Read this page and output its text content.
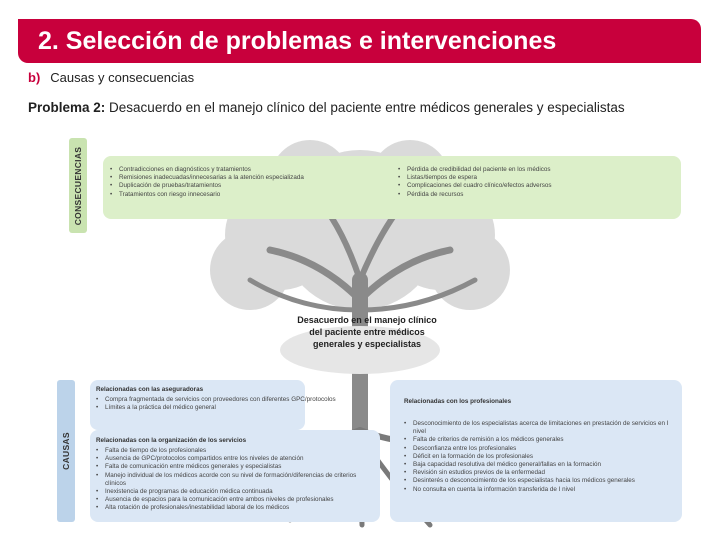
2. Selección de problemas e intervenciones
b) Causas y consecuencias
Problema 2: Desacuerdo en el manejo clínico del paciente entre médicos generales y especialistas
CONSECUENCIAS
CAUSAS
• Contradicciones en diagnósticos y tratamientos
• Remisiones inadecuadas/innecesarias a la atención especializada
• Duplicación de pruebas/tratamientos
• Tratamientos con riesgo innecesario
• Pérdida de credibilidad del paciente en los médicos
• Listas/tiempos de espera
• Complicaciones del cuadro clínico/efectos adversos
• Pérdida de recursos
Desacuerdo en el manejo clínico del paciente entre médicos generales y especialistas
Relacionadas con las aseguradoras
• Compra fragmentada de servicios con proveedores con diferentes GPC/protocolos
• Límites a la práctica del médico general
Relacionadas con la organización de los servicios
• Falta de tiempo de los profesionales
• Ausencia de GPC/protocolos compartidos entre los niveles de atención
• Falta de comunicación entre médicos generales y especialistas
• Manejo individual de los médicos acorde con su nivel de formación/diferencias de criterios clínicos
• Inexistencia de programas de educación médica continuada
• Ausencia de espacios para la comunicación entre ambos niveles de profesionales
• Alta rotación de profesionales/inestabilidad laboral de los médicos
Relacionadas con los profesionales
• Desconocimiento de los especialistas acerca de limitaciones en prestación de servicios en I nivel
• Falta de criterios de remisión a los médicos generales
• Desconfianza entre los profesionales
• Déficit en la formación de los profesionales
• Baja capacidad resolutiva del médico general/fallas en la formación
• Revisión sin estudios previos de la enfermedad
• Desinterés o desconocimiento de los especialistas hacia los médicos generales
• No consulta en cuenta la información transferida de I nivel
